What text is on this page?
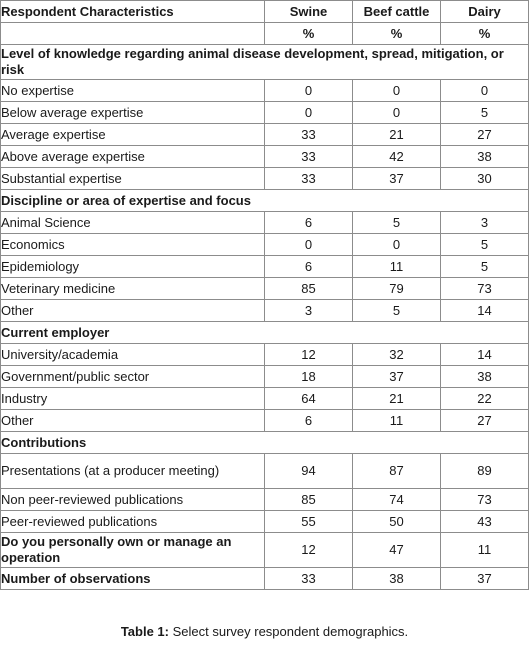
Respondent Characteristics	Swine	Beef cattle	Dairy
	%	%	%
Level of knowledge regarding animal disease development, spread, mitigation, or risk			
No expertise	0	0	0
Below average expertise	0	0	5
Average expertise	33	21	27
Above average expertise	33	42	38
Substantial expertise	33	37	30
Discipline or area of expertise and focus			
Animal Science	6	5	3
Economics	0	0	5
Epidemiology	6	11	5
Veterinary medicine	85	79	73
Other	3	5	14
Current employer			
University/academia	12	32	14
Government/public sector	18	37	38
Industry	64	21	22
Other	6	11	27
Contributions			
Presentations (at a producer meeting)	94	87	89
Non peer-reviewed publications	85	74	73
Peer-reviewed publications	55	50	43
Do you personally own or manage an operation	12	47	11
Number of observations	33	38	37
Table 1: Select survey respondent demographics.
